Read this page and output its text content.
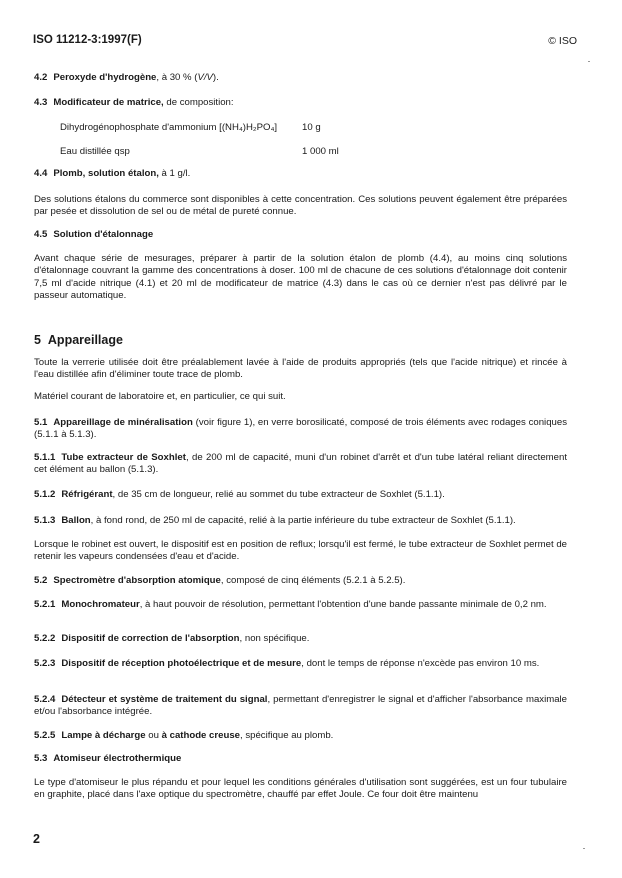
ISO 11212-3:1997(F)	© ISO
4.2 Peroxyde d'hydrogène, à 30 % (V/V).
4.3 Modificateur de matrice, de composition:
Dihydrogénophosphate d'ammonium [(NH₄)H₂PO₄]	10 g
Eau distillée qsp	1 000 ml
4.4 Plomb, solution étalon, à 1 g/l.
Des solutions étalons du commerce sont disponibles à cette concentration. Ces solutions peuvent également être préparées par pesée et dissolution de sel ou de métal de pureté connue.
4.5 Solution d'étalonnage
Avant chaque série de mesurages, préparer à partir de la solution étalon de plomb (4.4), au moins cinq solutions d'étalonnage couvrant la gamme des concentrations à doser. 100 ml de chacune de ces solutions d'étalonnage doit contenir 7,5 ml d'acide nitrique (4.1) et 20 ml de modificateur de matrice (4.3) dans le cas où ce dernier n'est pas délivré par le passeur automatique.
5 Appareillage
Toute la verrerie utilisée doit être préalablement lavée à l'aide de produits appropriés (tels que l'acide nitrique) et rincée à l'eau distillée afin d'éliminer toute trace de plomb.
Matériel courant de laboratoire et, en particulier, ce qui suit.
5.1 Appareillage de minéralisation (voir figure 1), en verre borosilicaté, composé de trois éléments avec rodages coniques (5.1.1 à 5.1.3).
5.1.1 Tube extracteur de Soxhlet, de 200 ml de capacité, muni d'un robinet d'arrêt et d'un tube latéral reliant directement cet élément au ballon (5.1.3).
5.1.2 Réfrigérant, de 35 cm de longueur, relié au sommet du tube extracteur de Soxhlet (5.1.1).
5.1.3 Ballon, à fond rond, de 250 ml de capacité, relié à la partie inférieure du tube extracteur de Soxhlet (5.1.1).
Lorsque le robinet est ouvert, le dispositif est en position de reflux; lorsqu'il est fermé, le tube extracteur de Soxhlet permet de retenir les vapeurs condensées d'eau et d'acide.
5.2 Spectromètre d'absorption atomique, composé de cinq éléments (5.2.1 à 5.2.5).
5.2.1 Monochromateur, à haut pouvoir de résolution, permettant l'obtention d'une bande passante minimale de 0,2 nm.
5.2.2 Dispositif de correction de l'absorption, non spécifique.
5.2.3 Dispositif de réception photoélectrique et de mesure, dont le temps de réponse n'excède pas environ 10 ms.
5.2.4 Détecteur et système de traitement du signal, permettant d'enregistrer le signal et d'afficher l'absorbance maximale et/ou l'absorbance intégrée.
5.2.5 Lampe à décharge ou à cathode creuse, spécifique au plomb.
5.3 Atomiseur électrothermique
Le type d'atomiseur le plus répandu et pour lequel les conditions générales d'utilisation sont suggérées, est un four tubulaire en graphite, placé dans l'axe optique du spectromètre, chauffé par effet Joule. Ce four doit être maintenu
2
